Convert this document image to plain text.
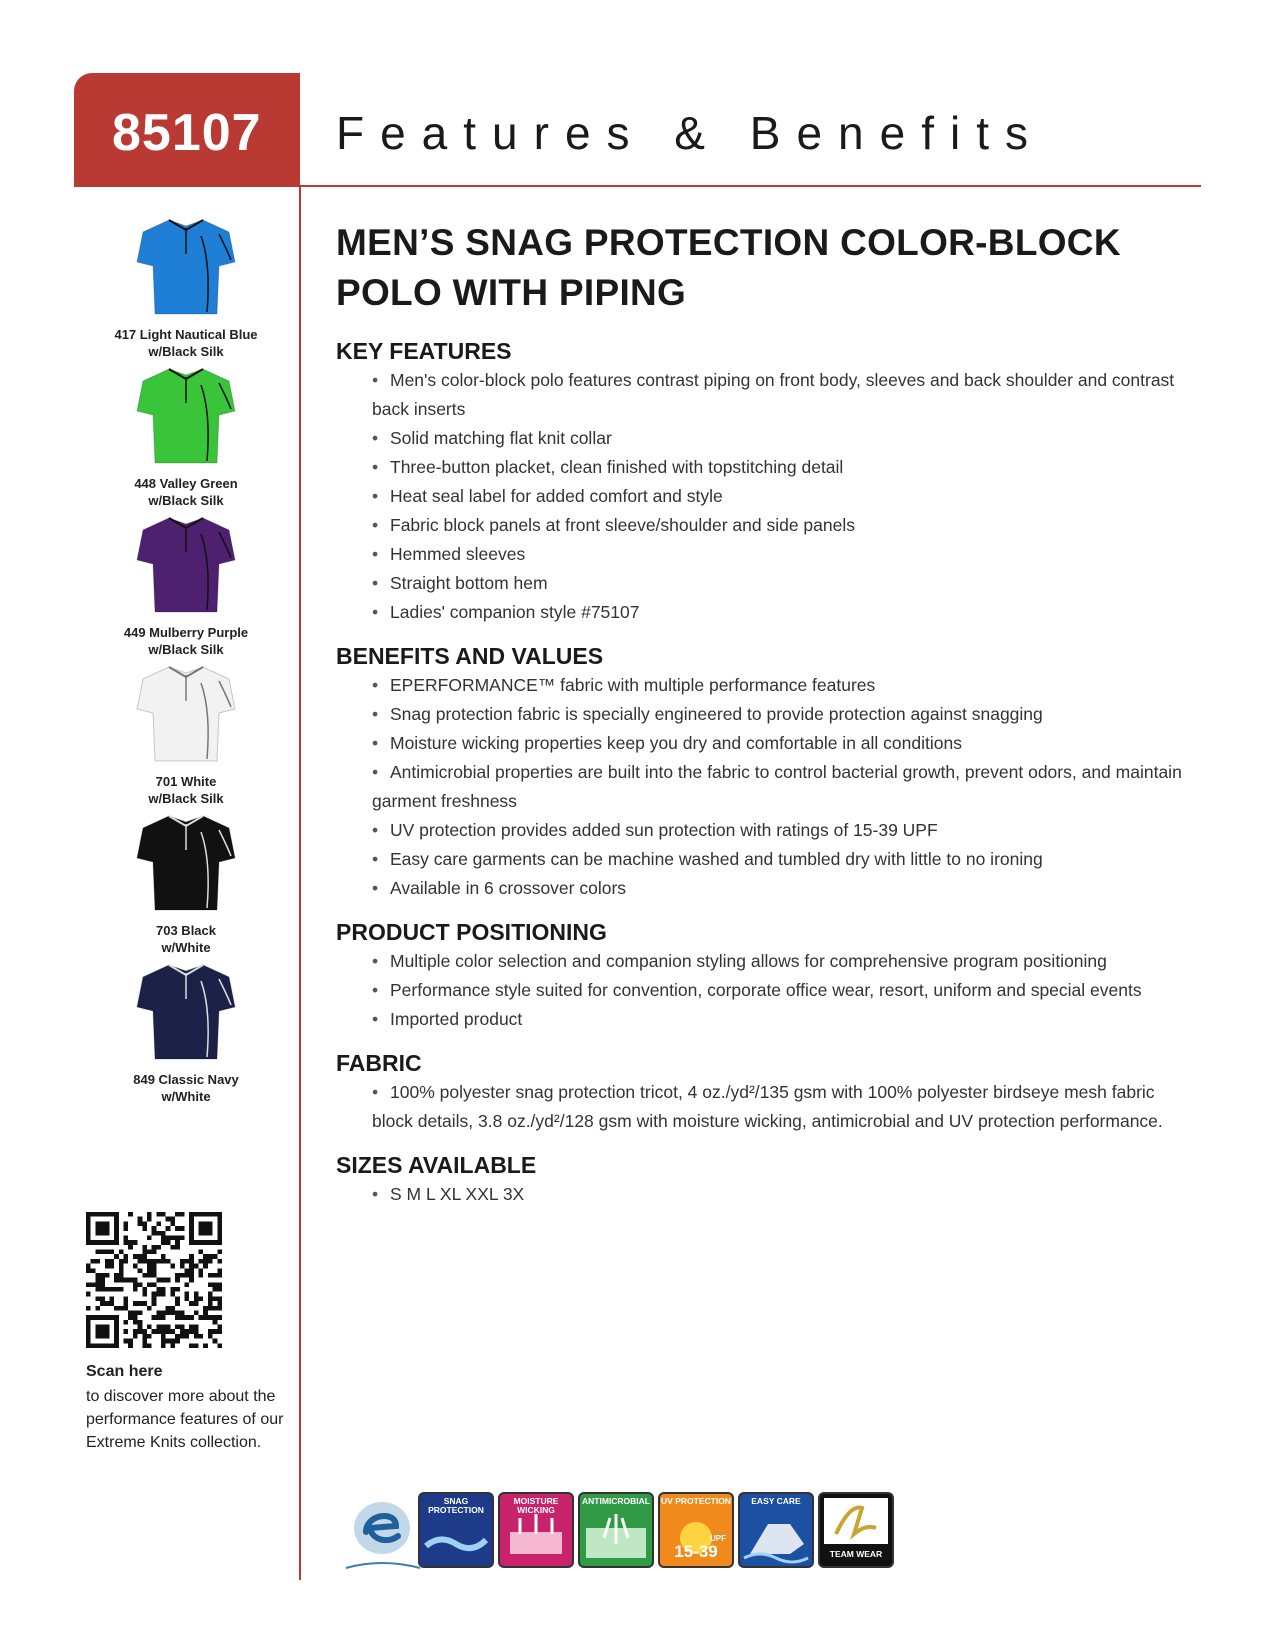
85107 Features & Benefits
417 Light Nautical Blue
w/Black Silk
448 Valley Green
w/Black Silk
449 Mulberry Purple
w/Black Silk
701 White
w/Black Silk
703 Black
w/White
849 Classic Navy
w/White
Scan here
to discover more about the performance features of our Extreme Knits collection.
MEN’S SNAG PROTECTION COLOR-BLOCK
POLO WITH PIPING
KEY FEATURES
• Men's color-block polo features contrast piping on front body, sleeves and back shoulder and contrast back inserts
• Solid matching flat knit collar
• Three-button placket, clean finished with topstitching detail
• Heat seal label for added comfort and style
• Fabric block panels at front sleeve/shoulder and side panels
• Hemmed sleeves
• Straight bottom hem
• Ladies' companion style #75107
BENEFITS AND VALUES
• EPERFORMANCE™ fabric with multiple performance features
• Snag protection fabric is specially engineered to provide protection against snagging
• Moisture wicking properties keep you dry and comfortable in all conditions
• Antimicrobial properties are built into the fabric to control bacterial growth, prevent odors, and maintain garment freshness
• UV protection provides added sun protection with ratings of 15-39 UPF
• Easy care garments can be machine washed and tumbled dry with little to no ironing
• Available in 6 crossover colors
PRODUCT POSITIONING
• Multiple color selection and companion styling allows for comprehensive program positioning
• Performance style suited for convention, corporate office wear, resort, uniform and special events
• Imported product
FABRIC
• 100% polyester snag protection tricot, 4 oz./yd²/135 gsm with 100% polyester birdseye mesh fabric block details, 3.8 oz./yd²/128 gsm with moisture wicking, antimicrobial and UV protection performance.
SIZES AVAILABLE
• S M L XL XXL 3X
SNAG PROTECTION
MOISTURE WICKING
ANTIMICROBIAL UV PROTECTION
15-39
UPF
EASY CARE
TEAM WEAR
